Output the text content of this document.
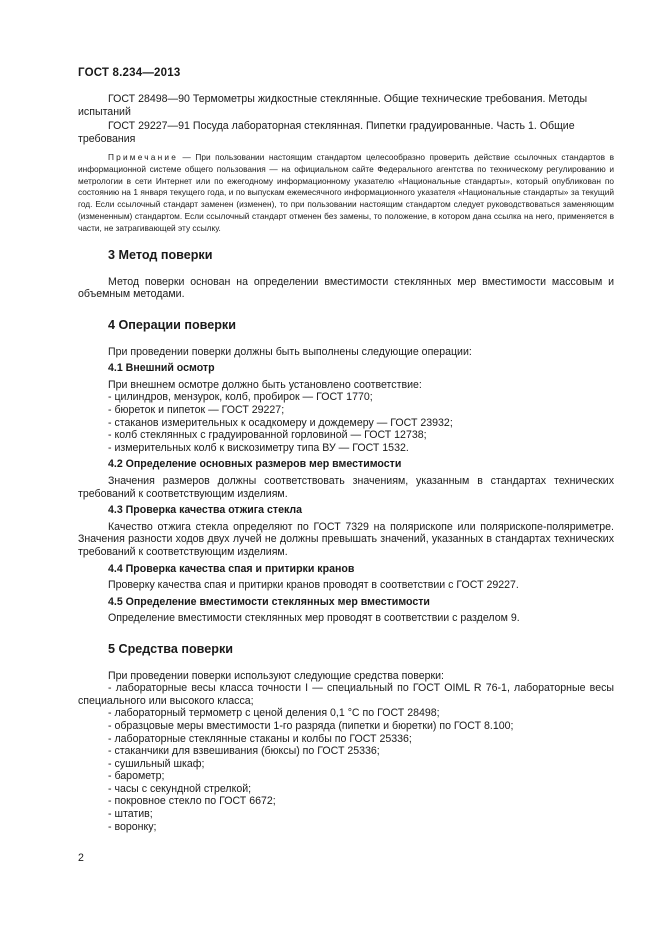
ГОСТ 8.234—2013

ГОСТ 28498—90 Термометры жидкостные стеклянные. Общие технические требования. Методы испытаний

ГОСТ 29227—91 Посуда лабораторная стеклянная. Пипетки градуированные. Часть 1. Общие требования

Примечание — При пользовании настоящим стандартом целесообразно проверить действие ссылочных стандартов в информационной системе общего пользования — на официальном сайте Федерального агентства по техническому регулированию и метрологии в сети Интернет или по ежегодному информационному указателю «Национальные стандарты», который опубликован по состоянию на 1 января текущего года, и по выпускам ежемесячного информационного указателя «Национальные стандарты» за текущий год. Если ссылочный стандарт заменен (изменен), то при пользовании настоящим стандартом следует руководствоваться заменяющим (измененным) стандартом. Если ссылочный стандарт отменен без замены, то положение, в котором дана ссылка на него, применяется в части, не затрагивающей эту ссылку.

3 Метод поверки

Метод поверки основан на определении вместимости стеклянных мер вместимости массовым и объемным методами.

4 Операции поверки

При проведении поверки должны быть выполнены следующие операции:

4.1 Внешний осмотр

При внешнем осмотре должно быть установлено соответствие:

- цилиндров, мензурок, колб, пробирок — ГОСТ 1770;
- бюреток и пипеток — ГОСТ 29227;
- стаканов измерительных к осадкомеру и дождемеру — ГОСТ 23932;
- колб стеклянных с градуированной горловиной — ГОСТ 12738;
- измерительных колб к вискозиметру типа ВУ — ГОСТ 1532.
4.2 Определение основных размеров мер вместимости

Значения размеров должны соответствовать значениям, указанным в стандартах технических требований к соответствующим изделиям.

4.3 Проверка качества отжига стекла

Качество отжига стекла определяют по ГОСТ 7329 на полярископе или полярископе-поляриметре. Значения разности ходов двух лучей не должны превышать значений, указанных в стандартах технических требований к соответствующим изделиям.

4.4 Проверка качества спая и притирки кранов

Проверку качества спая и притирки кранов проводят в соответствии с ГОСТ 29227.

4.5 Определение вместимости стеклянных мер вместимости

Определение вместимости стеклянных мер проводят в соответствии с разделом 9.

5 Средства поверки

При проведении поверки используют следующие средства поверки:

- лабораторные весы класса точности I — специальный по ГОСТ OIML R 76-1, лабораторные весы специального или высокого класса;
- лабораторный термометр с ценой деления 0,1 °С по ГОСТ 28498;
- образцовые меры вместимости 1-го разряда (пипетки и бюретки) по ГОСТ 8.100;
- лабораторные стеклянные стаканы и колбы по ГОСТ 25336;
- стаканчики для взвешивания (бюксы) по ГОСТ 25336;
- сушильный шкаф;
- барометр;
- часы с секундной стрелкой;
- покровное стекло по ГОСТ 6672;
- штатив;
- воронку;
2
